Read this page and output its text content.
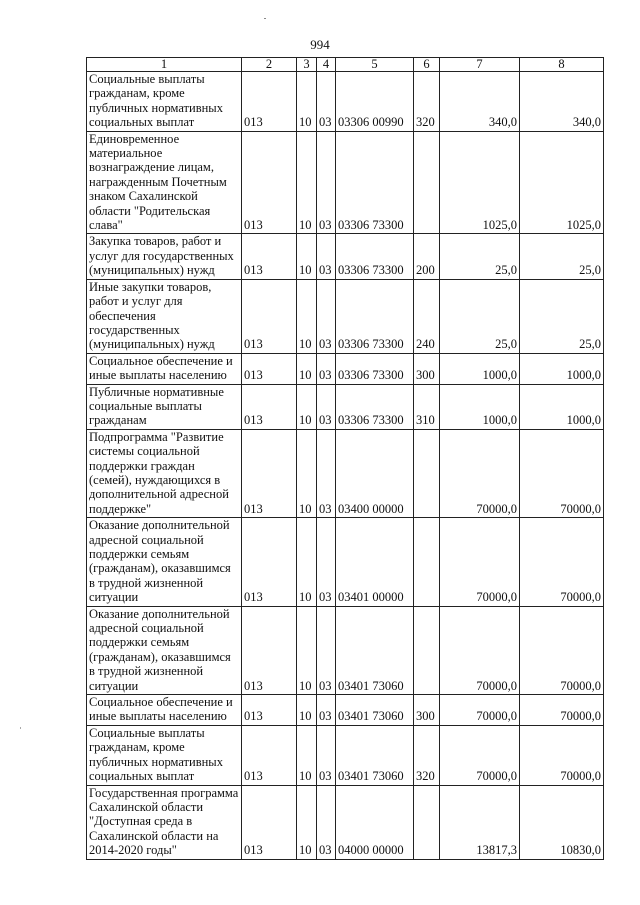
994
1	2	3	4	5	6	7	8
Социальные выплаты гражданам, кроме публичных нормативных социальных выплат	013	10	03	03306 00990	320	340,0	340,0
Единовременное материальное вознаграждение лицам, награжденным Почетным знаком Сахалинской области "Родительская слава"	013	10	03	03306 73300		1025,0	1025,0
Закупка товаров, работ и услуг для государственных (муниципальных) нужд	013	10	03	03306 73300	200	25,0	25,0
Иные закупки товаров, работ и услуг для обеспечения государственных (муниципальных) нужд	013	10	03	03306 73300	240	25,0	25,0
Социальное обеспечение и иные выплаты населению	013	10	03	03306 73300	300	1000,0	1000,0
Публичные нормативные социальные выплаты гражданам	013	10	03	03306 73300	310	1000,0	1000,0
Подпрограмма "Развитие системы социальной поддержки граждан (семей), нуждающихся в дополнительной адресной поддержке"	013	10	03	03400 00000		70000,0	70000,0
Оказание дополнительной адресной социальной поддержки семьям (гражданам), оказавшимся в трудной жизненной ситуации	013	10	03	03401 00000		70000,0	70000,0
Оказание дополнительной адресной социальной поддержки семьям (гражданам), оказавшимся в трудной жизненной ситуации	013	10	03	03401 73060		70000,0	70000,0
Социальное обеспечение и иные выплаты населению	013	10	03	03401 73060	300	70000,0	70000,0
Социальные выплаты гражданам, кроме публичных нормативных социальных выплат	013	10	03	03401 73060	320	70000,0	70000,0
Государственная программа Сахалинской области "Доступная среда в Сахалинской области на 2014-2020 годы"	013	10	03	04000 00000		13817,3	10830,0
